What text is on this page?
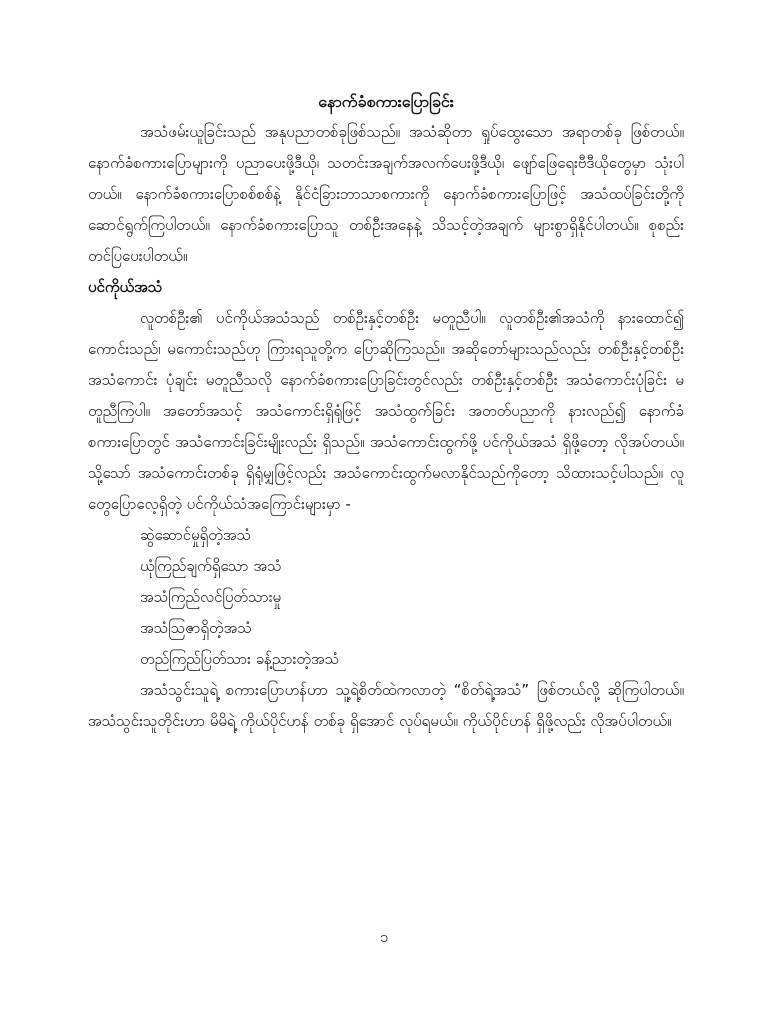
နောက်ခံစကားပြောခြင်း

အသံဖမ်းယူခြင်းသည် အနုပညာတစ်ခုဖြစ်သည်။ အသံဆိုတာ ရှုပ်ထွေးသော အရာတစ်ခု ဖြစ်တယ်။ နောက်ခံစကားပြောများကို ပညာပေးဖို့ဒီယို၊ သတင်းအချက်အလက်ပေးဖို့ဒီယို၊ ဖျော်ဖြေရေးဗီဒီယိုတွေမှာ သုံးပါတယ်။ နောက်ခံစကားပြောစစ်စစ်နဲ့ နိုင်ငံခြားဘာသာစကားကို နောက်ခံစကားပြောဖြင့် အသံထပ်ခြင်းတို့ကို ဆောင်ရွက်ကြပါတယ်။ နောက်ခံစကားပြောသူ တစ်ဦးအနေနဲ့ သိသင့်တဲ့အချက် များစွာရှိနိုင်ပါတယ်။ စုစည်းတင်ပြပေးပါတယ်။

ပင်ကိုယ်အသံ

လူတစ်ဦး၏ ပင်ကိုယ်အသံသည် တစ်ဦးနှင့်တစ်ဦး မတူညီပါ။ လူတစ်ဦး၏အသံကို နားထောင်၍ ကောင်းသည်၊ မကောင်းသည်ဟု ကြားရသူတို့က ပြောဆိုကြသည်။ အဆိုတော်များသည်လည်း တစ်ဦးနှင့်တစ်ဦး အသံကောင်း ပုံချင်း မတူညီသလို နောက်ခံစကားပြောခြင်းတွင်လည်း တစ်ဦးနှင့်တစ်ဦး အသံကောင်းပုံခြင်း မတူညီကြပါ။ အတော်အသင့် အသံကောင်းရှိရုံဖြင့် အသံထွက်ခြင်း အတတ်ပညာကို နားလည်၍ နောက်ခံစကားပြောတွင် အသံကောင်းခြင်းမျိုးလည်း ရှိသည်။ အသံကောင်းထွက်ဖို့ ပင်ကိုယ်အသံ ရှိဖို့တော့ လိုအပ်တယ်။ သို့သော် အသံကောင်းတစ်ခု ရှိရုံမျှဖြင့်လည်း အသံကောင်းထွက်မလာနိုင်သည်ကိုတော့ သိထားသင့်ပါသည်။ လူတွေပြောလေ့ရှိတဲ့ ပင်ကိုယ်သံအကြောင်းများမှာ -

ဆွဲဆောင်မှုရှိတဲ့အသံ
ယုံကြည်ချက်ရှိသော အသံ
အသံကြည်လင်ပြတ်သားမှု
အသံသြဇာရှိတဲ့အသံ
တည်ကြည်ပြတ်သား ခန့်ညားတဲ့အသံ

အသံသွင်းသူရဲ့ စကားပြောဟန်ဟာ သူ့ရဲ့စိတ်ထဲကလာတဲ့ “စိတ်ရဲ့အသံ” ဖြစ်တယ်လို့ ဆိုကြပါတယ်။ အသံသွင်းသူတိုင်းဟာ မိမိရဲ့ ကိုယ်ပိုင်ဟန် တစ်ခု ရှိအောင် လုပ်ရမယ်။ ကိုယ်ပိုင်ဟန် ရှိဖို့လည်း လိုအပ်ပါတယ်။

၁
